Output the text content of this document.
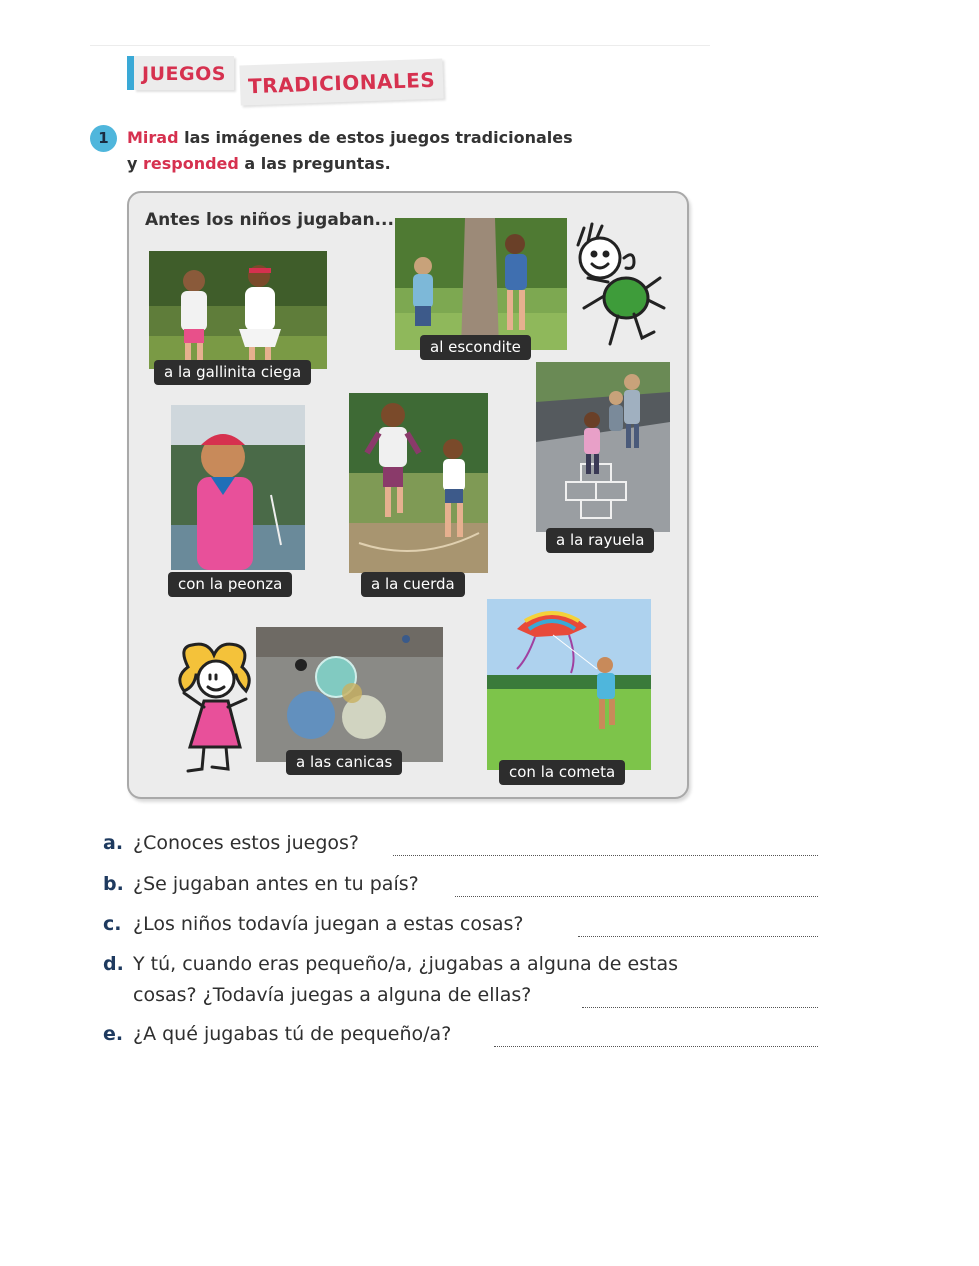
JUEGOS	TRADICIONALES
1	Mirad las imágenes de estos juegos tradicionales
y responded a las preguntas.
Antes los niños jugaban...
a la gallinita ciega
al escondite
con la peonza	a la cuerda
a la rayuela
a las canicas
con la cometa
a. ¿Conoces estos juegos?
b. ¿Se jugaban antes en tu país?
c. ¿Los niños todavía juegan a estas cosas?
d. Y tú, cuando eras pequeño/a, ¿jugabas a alguna de estas
cosas? ¿Todavía juegas a alguna de ellas?
e. ¿A qué jugabas tú de pequeño/a?
